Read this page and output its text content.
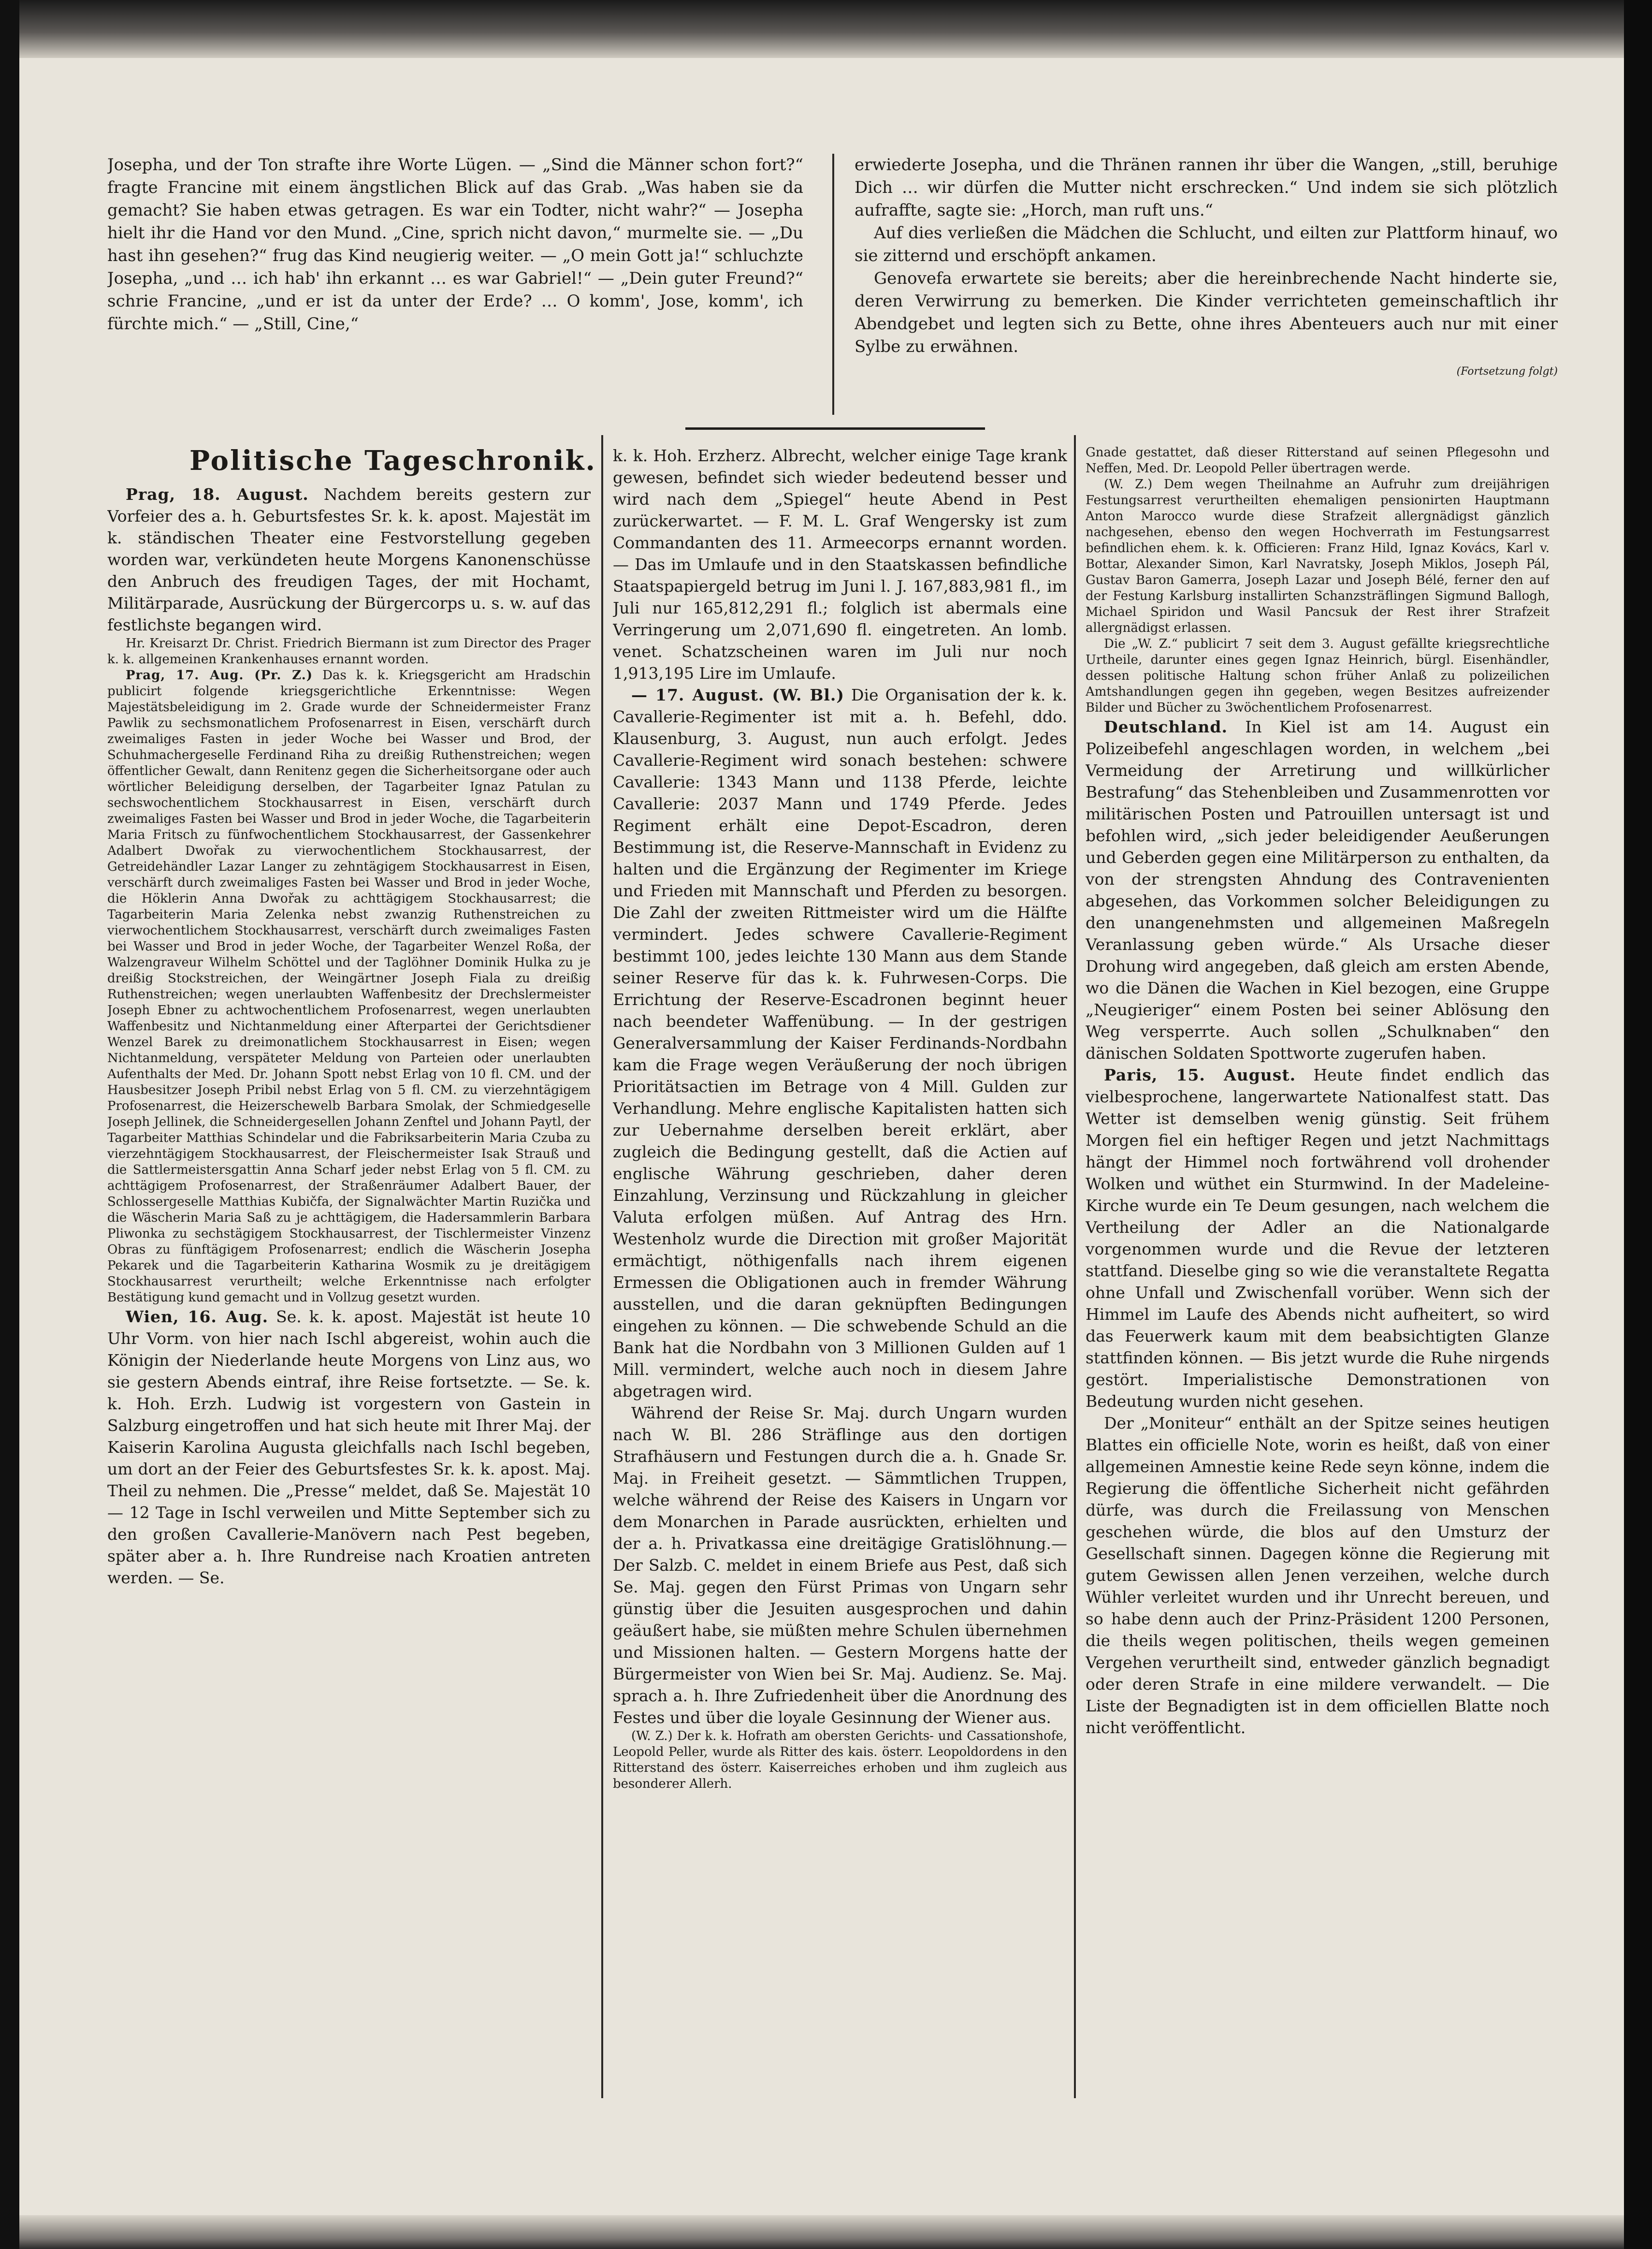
Josepha, und der Ton strafte ihre Worte Lügen. — „Sind die Männer schon fort?“ fragte Francine mit einem ängstlichen Blick auf das Grab. „Was haben sie da gemacht? Sie haben etwas getragen. Es war ein Todter, nicht wahr?“ — Josepha hielt ihr die Hand vor den Mund. „Cine, sprich nicht davon,“ murmelte sie. — „Du hast ihn gesehen?“ frug das Kind neugierig weiter. — „O mein Gott ja!“ schluchzte Josepha, „und … ich hab' ihn erkannt … es war Gabriel!“ — „Dein guter Freund?“ schrie Francine, „und er ist da unter der Erde? … O komm', Jose, komm', ich fürchte mich.“ — „Still, Cine,“

erwiederte Josepha, und die Thränen rannen ihr über die Wangen, „still, beruhige Dich … wir dürfen die Mutter nicht erschrecken.“ Und indem sie sich plötzlich aufraffte, sagte sie: „Horch, man ruft uns.“

Auf dies verließen die Mädchen die Schlucht, und eilten zur Plattform hinauf, wo sie zitternd und erschöpft ankamen.

Genovefa erwartete sie bereits; aber die hereinbrechende Nacht hinderte sie, deren Verwirrung zu bemerken. Die Kinder verrichteten gemeinschaftlich ihr Abendgebet und legten sich zu Bette, ohne ihres Abenteuers auch nur mit einer Sylbe zu erwähnen.

(Fortsetzung folgt)
Politische Tageschronik.

Prag, 18. August. Nachdem bereits gestern zur Vorfeier des a. h. Geburtsfestes Sr. k. k. apost. Majestät im k. ständischen Theater eine Festvorstellung gegeben worden war, verkündeten heute Morgens Kanonenschüsse den Anbruch des freudigen Tages, der mit Hochamt, Militärparade, Ausrückung der Bürgercorps u. s. w. auf das festlichste begangen wird.

Hr. Kreisarzt Dr. Christ. Friedrich Biermann ist zum Director des Prager k. k. allgemeinen Krankenhauses ernannt worden.

Prag, 17. Aug. (Pr. Z.) Das k. k. Kriegsgericht am Hradschin publicirt folgende kriegsgerichtliche Erkenntnisse: Wegen Majestätsbeleidigung im 2. Grade wurde der Schneidermeister Franz Pawlik zu sechsmonatlichem Profosenarrest in Eisen, verschärft durch zweimaliges Fasten in jeder Woche bei Wasser und Brod, der Schuhmachergeselle Ferdinand Riha zu dreißig Ruthenstreichen; wegen öffentlicher Gewalt, dann Renitenz gegen die Sicherheitsorgane oder auch wörtlicher Beleidigung derselben, der Tagarbeiter Ignaz Patulan zu sechswochentlichem Stockhausarrest in Eisen, verschärft durch zweimaliges Fasten bei Wasser und Brod in jeder Woche, die Tagarbeiterin Maria Fritsch zu fünfwochentlichem Stockhausarrest, der Gassenkehrer Adalbert Dwořak zu vierwochentlichem Stockhausarrest, der Getreidehändler Lazar Langer zu zehntägigem Stockhausarrest in Eisen, verschärft durch zweimaliges Fasten bei Wasser und Brod in jeder Woche, die Höklerin Anna Dwořak zu achttägigem Stockhausarrest; die Tagarbeiterin Maria Zelenka nebst zwanzig Ruthenstreichen zu vierwochentlichem Stockhausarrest, verschärft durch zweimaliges Fasten bei Wasser und Brod in jeder Woche, der Tagarbeiter Wenzel Roßa, der Walzengraveur Wilhelm Schöttel und der Taglöhner Dominik Hulka zu je dreißig Stockstreichen, der Weingärtner Joseph Fiala zu dreißig Ruthenstreichen; wegen unerlaubten Waffenbesitz der Drechslermeister Joseph Ebner zu achtwochentlichem Profosenarrest, wegen unerlaubten Waffenbesitz und Nichtanmeldung einer Afterpartei der Gerichtsdiener Wenzel Barek zu dreimonatlichem Stockhausarrest in Eisen; wegen Nichtanmeldung, verspäteter Meldung von Parteien oder unerlaubten Aufenthalts der Med. Dr. Johann Spott nebst Erlag von 10 fl. CM. und der Hausbesitzer Joseph Pribil nebst Erlag von 5 fl. CM. zu vierzehntägigem Profosenarrest, die Heizerschewelb Barbara Smolak, der Schmiedgeselle Joseph Jellinek, die Schneidergesellen Johann Zenftel und Johann Paytl, der Tagarbeiter Matthias Schindelar und die Fabriksarbeiterin Maria Czuba zu vierzehntägigem Stockhausarrest, der Fleischermeister Isak Strauß und die Sattlermeistersgattin Anna Scharf jeder nebst Erlag von 5 fl. CM. zu achttägigem Profosenarrest, der Straßenräumer Adalbert Bauer, der Schlossergeselle Matthias Kubičfa, der Signalwächter Martin Ruzička und die Wäscherin Maria Saß zu je achttägigem, die Hadersammlerin Barbara Pliwonka zu sechstägigem Stockhausarrest, der Tischlermeister Vinzenz Obras zu fünftägigem Profosenarrest; endlich die Wäscherin Josepha Pekarek und die Tagarbeiterin Katharina Wosmik zu je dreitägigem Stockhausarrest verurtheilt; welche Erkenntnisse nach erfolgter Bestätigung kund gemacht und in Vollzug gesetzt wurden.

Wien, 16. Aug. Se. k. k. apost. Majestät ist heute 10 Uhr Vorm. von hier nach Ischl abgereist, wohin auch die Königin der Niederlande heute Morgens von Linz aus, wo sie gestern Abends eintraf, ihre Reise fortsetzte. — Se. k. k. Hoh. Erzh. Ludwig ist vorgestern von Gastein in Salzburg eingetroffen und hat sich heute mit Ihrer Maj. der Kaiserin Karolina Augusta gleichfalls nach Ischl begeben, um dort an der Feier des Geburtsfestes Sr. k. k. apost. Maj. Theil zu nehmen. Die „Presse“ meldet, daß Se. Majestät 10 — 12 Tage in Ischl verweilen und Mitte September sich zu den großen Cavallerie-Manövern nach Pest begeben, später aber a. h. Ihre Rundreise nach Kroatien antreten werden. — Se.

k. k. Hoh. Erzherz. Albrecht, welcher einige Tage krank gewesen, befindet sich wieder bedeutend besser und wird nach dem „Spiegel“ heute Abend in Pest zurückerwartet. — F. M. L. Graf Wengersky ist zum Commandanten des 11. Armeecorps ernannt worden. — Das im Umlaufe und in den Staatskassen befindliche Staatspapiergeld betrug im Juni l. J. 167,883,981 fl., im Juli nur 165,812,291 fl.; folglich ist abermals eine Verringerung um 2,071,690 fl. eingetreten. An lomb. venet. Schatzscheinen waren im Juli nur noch 1,913,195 Lire im Umlaufe.

— 17. August. (W. Bl.) Die Organisation der k. k. Cavallerie-Regimenter ist mit a. h. Befehl, ddo. Klausenburg, 3. August, nun auch erfolgt. Jedes Cavallerie-Regiment wird sonach bestehen: schwere Cavallerie: 1343 Mann und 1138 Pferde, leichte Cavallerie: 2037 Mann und 1749 Pferde. Jedes Regiment erhält eine Depot-Escadron, deren Bestimmung ist, die Reserve-Mannschaft in Evidenz zu halten und die Ergänzung der Regimenter im Kriege und Frieden mit Mannschaft und Pferden zu besorgen. Die Zahl der zweiten Rittmeister wird um die Hälfte vermindert. Jedes schwere Cavallerie-Regiment bestimmt 100, jedes leichte 130 Mann aus dem Stande seiner Reserve für das k. k. Fuhrwesen-Corps. Die Errichtung der Reserve-Escadronen beginnt heuer nach beendeter Waffenübung. — In der gestrigen Generalversammlung der Kaiser Ferdinands-Nordbahn kam die Frage wegen Veräußerung der noch übrigen Prioritätsactien im Betrage von 4 Mill. Gulden zur Verhandlung. Mehre englische Kapitalisten hatten sich zur Uebernahme derselben bereit erklärt, aber zugleich die Bedingung gestellt, daß die Actien auf englische Währung geschrieben, daher deren Einzahlung, Verzinsung und Rückzahlung in gleicher Valuta erfolgen müßen. Auf Antrag des Hrn. Westenholz wurde die Direction mit großer Majorität ermächtigt, nöthigenfalls nach ihrem eigenen Ermessen die Obligationen auch in fremder Währung ausstellen, und die daran geknüpften Bedingungen eingehen zu können. — Die schwebende Schuld an die Bank hat die Nordbahn von 3 Millionen Gulden auf 1 Mill. vermindert, welche auch noch in diesem Jahre abgetragen wird.

Während der Reise Sr. Maj. durch Ungarn wurden nach W. Bl. 286 Sträflinge aus den dortigen Strafhäusern und Festungen durch die a. h. Gnade Sr. Maj. in Freiheit gesetzt. — Sämmtlichen Truppen, welche während der Reise des Kaisers in Ungarn vor dem Monarchen in Parade ausrückten, erhielten und der a. h. Privatkassa eine dreitägige Gratislöhnung.—Der Salzb. C. meldet in einem Briefe aus Pest, daß sich Se. Maj. gegen den Fürst Primas von Ungarn sehr günstig über die Jesuiten ausgesprochen und dahin geäußert habe, sie müßten mehre Schulen übernehmen und Missionen halten. — Gestern Morgens hatte der Bürgermeister von Wien bei Sr. Maj. Audienz. Se. Maj. sprach a. h. Ihre Zufriedenheit über die Anordnung des Festes und über die loyale Gesinnung der Wiener aus.

(W. Z.) Der k. k. Hofrath am obersten Gerichts- und Cassationshofe, Leopold Peller, wurde als Ritter des kais. österr. Leopoldordens in den Ritterstand des österr. Kaiserreiches erhoben und ihm zugleich aus besonderer Allerh.

Gnade gestattet, daß dieser Ritterstand auf seinen Pflegesohn und Neffen, Med. Dr. Leopold Peller übertragen werde.

(W. Z.) Dem wegen Theilnahme an Aufruhr zum dreijährigen Festungsarrest verurtheilten ehemaligen pensionirten Hauptmann Anton Marocco wurde diese Strafzeit allergnädigst gänzlich nachgesehen, ebenso den wegen Hochverrath im Festungsarrest befindlichen ehem. k. k. Officieren: Franz Hild, Ignaz Kovács, Karl v. Bottar, Alexander Simon, Karl Navratsky, Joseph Miklos, Joseph Pál, Gustav Baron Gamerra, Joseph Lazar und Joseph Bélé, ferner den auf der Festung Karlsburg installirten Schanzsträflingen Sigmund Ballogh, Michael Spiridon und Wasil Pancsuk der Rest ihrer Strafzeit allergnädigst erlassen.

Die „W. Z.“ publicirt 7 seit dem 3. August gefällte kriegsrechtliche Urtheile, darunter eines gegen Ignaz Heinrich, bürgl. Eisenhändler, dessen politische Haltung schon früher Anlaß zu polizeilichen Amtshandlungen gegen ihn gegeben, wegen Besitzes aufreizender Bilder und Bücher zu 3wöchentlichem Profosenarrest.

Deutschland. In Kiel ist am 14. August ein Polizeibefehl angeschlagen worden, in welchem „bei Vermeidung der Arretirung und willkürlicher Bestrafung“ das Stehenbleiben und Zusammenrotten vor militärischen Posten und Patrouillen untersagt ist und befohlen wird, „sich jeder beleidigender Aeußerungen und Geberden gegen eine Militärperson zu enthalten, da von der strengsten Ahndung des Contravenienten abgesehen, das Vorkommen solcher Beleidigungen zu den unangenehmsten und allgemeinen Maßregeln Veranlassung geben würde.“ Als Ursache dieser Drohung wird angegeben, daß gleich am ersten Abende, wo die Dänen die Wachen in Kiel bezogen, eine Gruppe „Neugieriger“ einem Posten bei seiner Ablösung den Weg versperrte. Auch sollen „Schulknaben“ den dänischen Soldaten Spottworte zugerufen haben.

Paris, 15. August. Heute findet endlich das vielbesprochene, langerwartete Nationalfest statt. Das Wetter ist demselben wenig günstig. Seit frühem Morgen fiel ein heftiger Regen und jetzt Nachmittags hängt der Himmel noch fortwährend voll drohender Wolken und wüthet ein Sturmwind. In der Madeleine-Kirche wurde ein Te Deum gesungen, nach welchem die Vertheilung der Adler an die Nationalgarde vorgenommen wurde und die Revue der letzteren stattfand. Dieselbe ging so wie die veranstaltete Regatta ohne Unfall und Zwischenfall vorüber. Wenn sich der Himmel im Laufe des Abends nicht aufheitert, so wird das Feuerwerk kaum mit dem beabsichtigten Glanze stattfinden können. — Bis jetzt wurde die Ruhe nirgends gestört. Imperialistische Demonstrationen von Bedeutung wurden nicht gesehen.

Der „Moniteur“ enthält an der Spitze seines heutigen Blattes ein officielle Note, worin es heißt, daß von einer allgemeinen Amnestie keine Rede seyn könne, indem die Regierung die öffentliche Sicherheit nicht gefährden dürfe, was durch die Freilassung von Menschen geschehen würde, die blos auf den Umsturz der Gesellschaft sinnen. Dagegen könne die Regierung mit gutem Gewissen allen Jenen verzeihen, welche durch Wühler verleitet wurden und ihr Unrecht bereuen, und so habe denn auch der Prinz-Präsident 1200 Personen, die theils wegen politischen, theils wegen gemeinen Vergehen verurtheilt sind, entweder gänzlich begnadigt oder deren Strafe in eine mildere verwandelt. — Die Liste der Begnadigten ist in dem officiellen Blatte noch nicht veröffentlicht.
